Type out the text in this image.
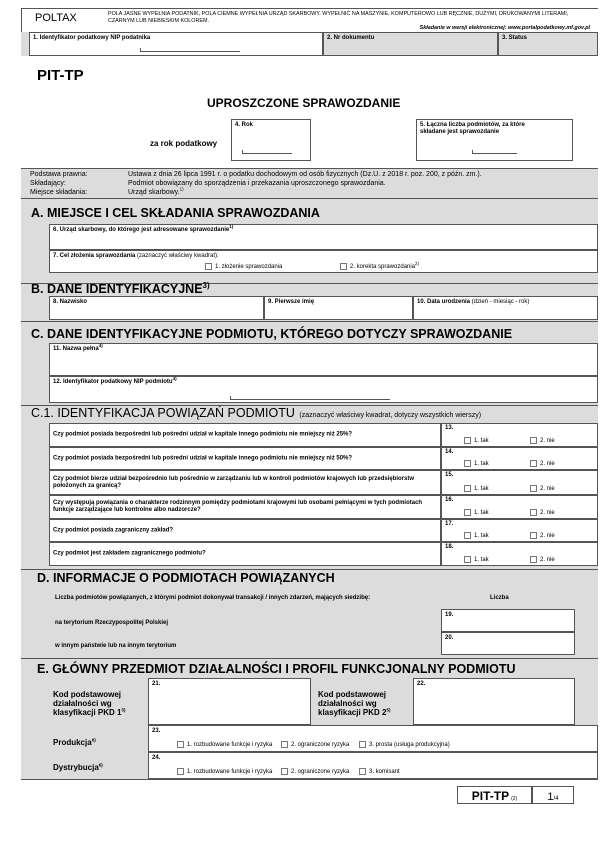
POLTAX	POLA JASNE WYPEŁNIA PODATNIK, POLA CIEMNE WYPEŁNIA URZĄD SKARBOWY. WYPEŁNIĆ NA MASZYNIE, KOMPUTEROWO LUB RĘCZNIE, DUŻYMI, DRUKOWANYMI LITERAMI, CZARNYM LUB NIEBIESKIM KOLOREM.
Składanie w wersji elektronicznej: www.portalpodatkowy.mf.gov.pl
1. Identyfikator podatkowy NIP podatnika	2. Nr dokumentu	3. Status
PIT-TP
UPROSZCZONE SPRAWOZDANIE
za rok podatkowy
4. Rok	5. Łączna liczba podmiotów, za które składane jest sprawozdanie
Podstawa prawna:	Ustawa z dnia 26 lipca 1991 r. o podatku dochodowym od osób fizycznych (Dz.U. z 2018 r. poz. 200, z późn. zm.).
Składający:	Podmiot obowiązany do sporządzenia i przekazania uproszczonego sprawozdania.
Miejsce składania:	Urząd skarbowy.$^{1)}$
A. MIEJSCE I CEL SKŁADANIA SPRAWOZDANIA
6. Urząd skarbowy, do którego jest adresowane sprawozdanie$^{1)}$
7. Cel złożenia sprawozdania (zaznaczyć właściwy kwadrat):
1. złożenie sprawozdania	2. korekta sprawozdania$^{2)}$
B. DANE IDENTYFIKACYJNE$^{3)}$
8. Nazwisko	9. Pierwsze imię	10. Data urodzenia (dzień - miesiąc - rok)
C. DANE IDENTYFIKACYJNE PODMIOTU, KTÓREGO DOTYCZY SPRAWOZDANIE
11. Nazwa pełna$^{4)}$
12. Identyfikator podatkowy NIP podmiotu$^{4)}$
C.1. IDENTYFIKACJA POWIĄZAŃ PODMIOTU (zaznaczyć właściwy kwadrat, dotyczy wszystkich wierszy)
Czy podmiot posiada bezpośredni lub pośredni udział w kapitale innego podmiotu nie mniejszy niż 25%?
13.
1. tak	2. nie
Czy podmiot posiada bezpośredni lub pośredni udział w kapitale innego podmiotu nie mniejszy niż 50%?
14.
1. tak	2. nie
Czy podmiot bierze udział bezpośrednio lub pośrednio w zarządzaniu lub w kontroli podmiotów krajowych lub przedsiębiorstw położonych za granicą?
15.
1. tak	2. nie
Czy występują powiązania o charakterze rodzinnym pomiędzy podmiotami krajowymi lub osobami pełniącymi w tych podmiotach funkcje zarządzające lub kontrolne albo nadzorcze?
16.
1. tak	2. nie
Czy podmiot posiada zagraniczny zakład?
17.
1. tak	2. nie
Czy podmiot jest zakładem zagranicznego podmiotu?
18.
1. tak	2. nie
D. INFORMACJE O PODMIOTACH POWIĄZANYCH
Liczba podmiotów powiązanych, z którymi podmiot dokonywał transakcji / innych zdarzeń, mających siedzibę:	Liczba
na terytorium Rzeczypospolitej Polskiej
19.
w innym państwie lub na innym terytorium
20.
E. GŁÓWNY PRZEDMIOT DZIAŁALNOŚCI I PROFIL FUNKCJONALNY PODMIOTU
Kod podstawowej działalności wg klasyfikacji PKD 1$^{5)}$
21.
Kod podstawowej działalności wg klasyfikacji PKD 2$^{5)}$
22.
Produkcja$^{6)}$
23.
1. rozbudowane funkcje i ryzyka	2. ograniczone ryzyka	3. prosta (usługa produkcyjna)
Dystrybucja$^{6)}$
24.
1. rozbudowane funkcje i ryzyka	2. ograniczone ryzyka	3. komisant
PIT-TP (2)	1/4
